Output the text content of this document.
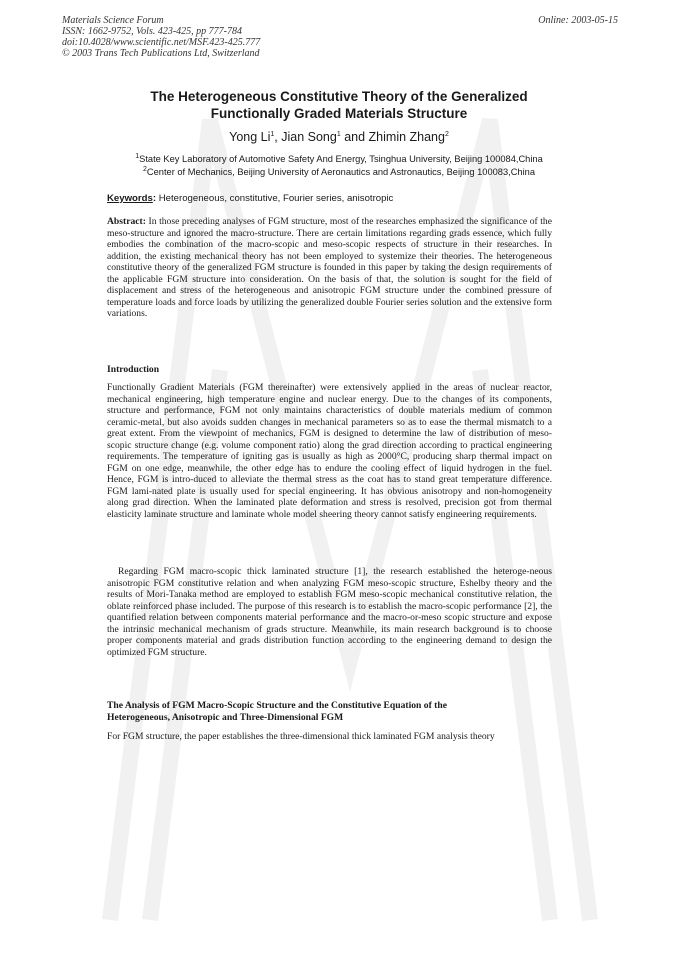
Materials Science Forum
ISSN: 1662-9752, Vols. 423-425, pp 777-784
doi:10.4028/www.scientific.net/MSF.423-425.777
© 2003 Trans Tech Publications Ltd, Switzerland
Online: 2003-05-15
The Heterogeneous Constitutive Theory of the Generalized
Functionally Graded Materials Structure
Yong Li$^1$, Jian Song$^1$ and Zhimin Zhang$^2$
$^1$State Key Laboratory of Automotive Safety And Energy, Tsinghua University, Beijing 100084,China
$^2$Center of Mechanics, Beijing University of Aeronautics and Astronautics, Beijing 100083,China
Keywords: Heterogeneous, constitutive, Fourier series, anisotropic
Abstract: In those preceding analyses of FGM structure, most of the researches emphasized the significance of the meso-structure and ignored the macro-structure. There are certain limitations regarding grads essence, which fully embodies the combination of the macro-scopic and meso-scopic respects of structure in their researches. In addition, the existing mechanical theory has not been employed to systemize their theories. The heterogeneous constitutive theory of the generalized FGM structure is founded in this paper by taking the design requirements of the applicable FGM structure into consideration. On the basis of that, the solution is sought for the field of displacement and stress of the heterogeneous and anisotropic FGM structure under the combined pressure of temperature loads and force loads by utilizing the generalized double Fourier series solution and the extensive form variations.
Introduction
Functionally Gradient Materials (FGM thereinafter) were extensively applied in the areas of nuclear reactor, mechanical engineering, high temperature engine and nuclear energy. Due to the changes of its components, structure and performance, FGM not only maintains characteristics of double materials medium of common ceramic-metal, but also avoids sudden changes in mechanical parameters so as to ease the thermal mismatch to a great extent. From the viewpoint of mechanics, FGM is designed to determine the law of distribution of meso-scopic structure change (e.g. volume component ratio) along the grad direction according to practical engineering requirements. The temperature of igniting gas is usually as high as 2000°C, producing sharp thermal impact on FGM on one edge, meanwhile, the other edge has to endure the cooling effect of liquid hydrogen in the fuel. Hence, FGM is intro-duced to alleviate the thermal stress as the coat has to stand great temperature difference. FGM lami-nated plate is usually used for special engineering. It has obvious anisotropy and non-homogeneity along grad direction. When the laminated plate deformation and stress is resolved, precision got from thermal elasticity laminate structure and laminate whole model sheering theory cannot satisfy engineering requirements.
Regarding FGM macro-scopic thick laminated structure [1], the research established the heteroge-neous anisotropic FGM constitutive relation and when analyzing FGM meso-scopic structure, Eshelby theory and the results of Mori-Tanaka method are employed to establish FGM meso-scopic mechanical constitutive relation, the oblate reinforced phase included. The purpose of this research is to establish the macro-scopic performance [2], the quantified relation between components material performance and the macro-or-meso scopic structure and expose the intrinsic mechanical mechanism of grads structure. Meanwhile, its main research background is to choose proper components material and grads distribution function according to the engineering demand to design the optimized FGM structure.
The Analysis of FGM Macro-Scopic Structure and the Constitutive Equation of the
Heterogeneous, Anisotropic and Three-Dimensional FGM
For FGM structure, the paper establishes the three-dimensional thick laminated FGM analysis theory
